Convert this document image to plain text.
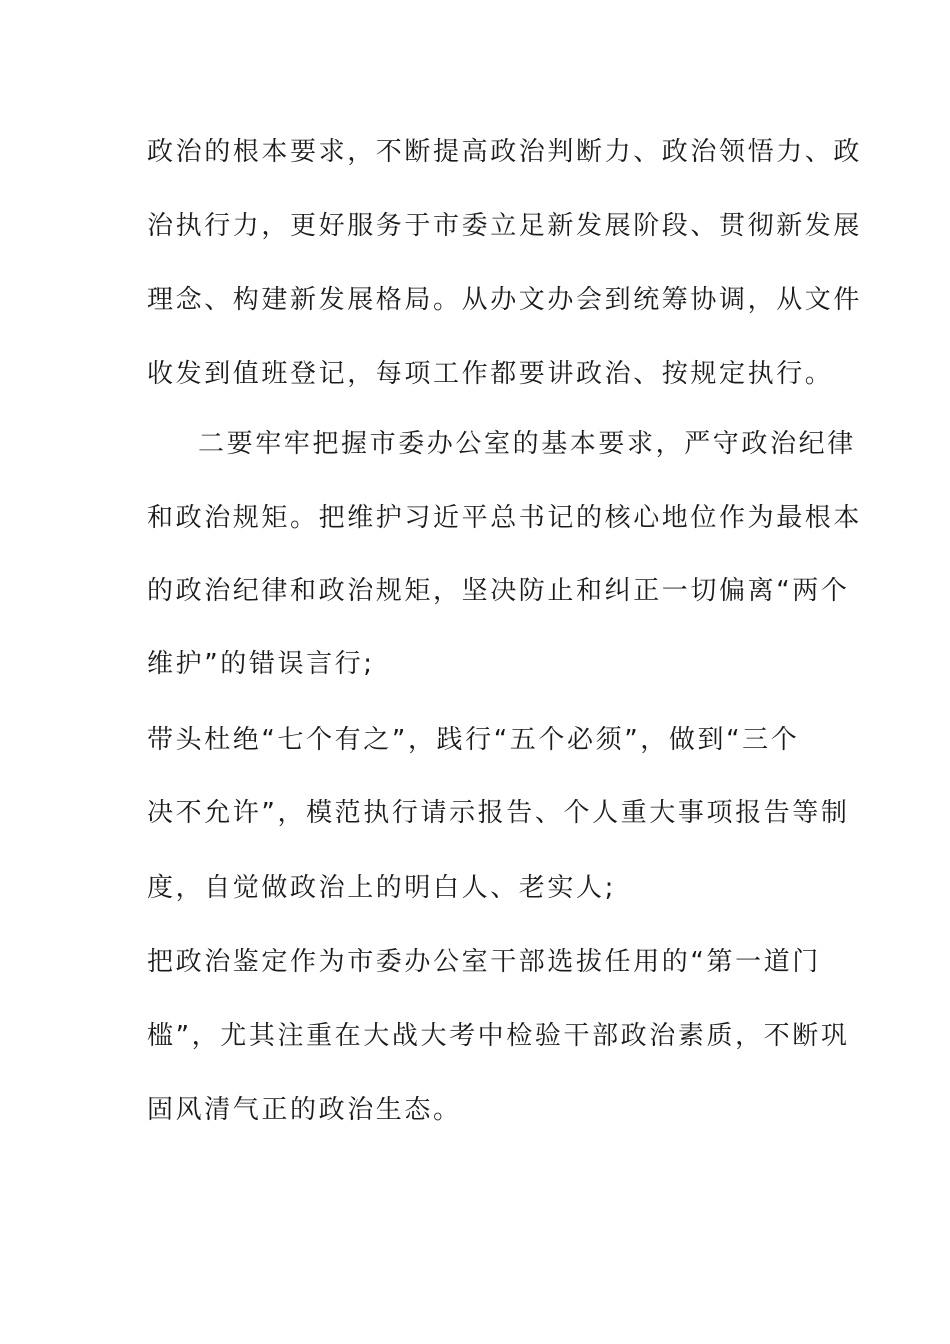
政治的根本要求，不断提高政治判断力、政治领悟力、政
治执行力，更好服务于市委立足新发展阶段、贯彻新发展
理念、构建新发展格局。从办文办会到统筹协调，从文件
收发到值班登记，每项工作都要讲政治、按规定执行。
二要牢牢把握市委办公室的基本要求，严守政治纪律
和政治规矩。把维护习近平总书记的核心地位作为最根本
的政治纪律和政治规矩，坚决防止和纠正一切偏离“两个
维护”的错误言行;
带头杜绝“七个有之”，践行“五个必须”，做到“三个
决不允许”，模范执行请示报告、个人重大事项报告等制
度，自觉做政治上的明白人、老实人;
把政治鉴定作为市委办公室干部选拔任用的“第一道门
槛”，尤其注重在大战大考中检验干部政治素质，不断巩
固风清气正的政治生态。
